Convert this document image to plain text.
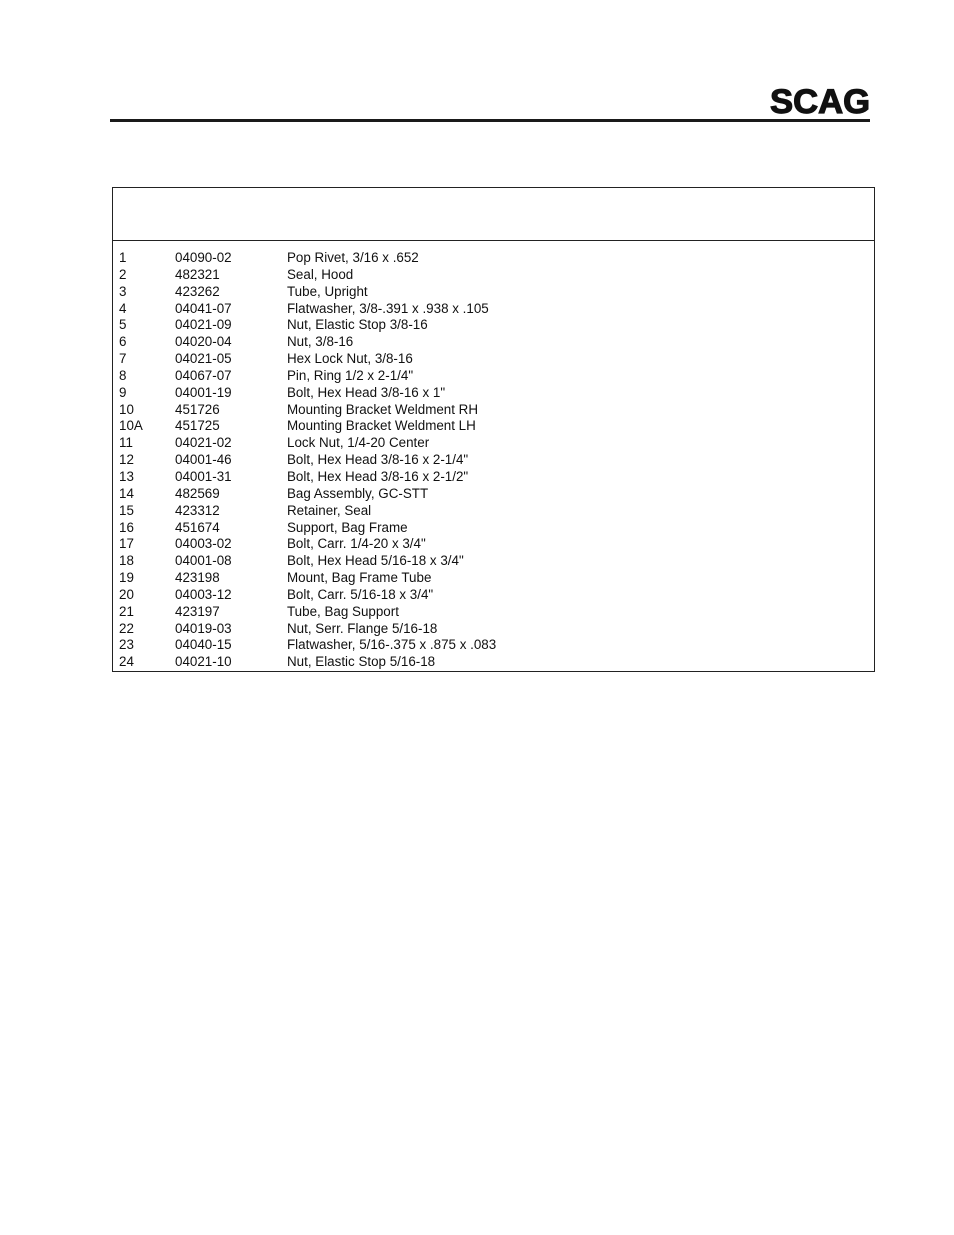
SCAG
1	04090-02	Pop Rivet, 3/16 x .652
2	482321	Seal, Hood
3	423262	Tube, Upright
4	04041-07	Flatwasher, 3/8-.391 x .938 x .105
5	04021-09	Nut, Elastic Stop 3/8-16
6	04020-04	Nut, 3/8-16
7	04021-05	Hex Lock Nut, 3/8-16
8	04067-07	Pin, Ring 1/2 x 2-1/4"
9	04001-19	Bolt, Hex Head 3/8-16 x 1"
10	451726	Mounting Bracket Weldment RH
10A 451725	Mounting Bracket Weldment LH
11	04021-02	Lock Nut, 1/4-20 Center
12	04001-46	Bolt, Hex Head 3/8-16 x 2-1/4"
13	04001-31	Bolt, Hex Head 3/8-16 x 2-1/2"
14	482569	Bag Assembly, GC-STT
15	423312	Retainer, Seal
16	451674	Support, Bag Frame
17	04003-02	Bolt, Carr. 1/4-20 x 3/4"
18	04001-08	Bolt, Hex Head 5/16-18 x 3/4"
19	423198	Mount, Bag Frame Tube
20	04003-12	Bolt, Carr. 5/16-18 x 3/4"
21	423197	Tube, Bag Support
22	04019-03	Nut, Serr. Flange 5/16-18
23	04040-15	Flatwasher, 5/16-.375 x .875 x .083
24	04021-10	Nut, Elastic Stop 5/16-18
